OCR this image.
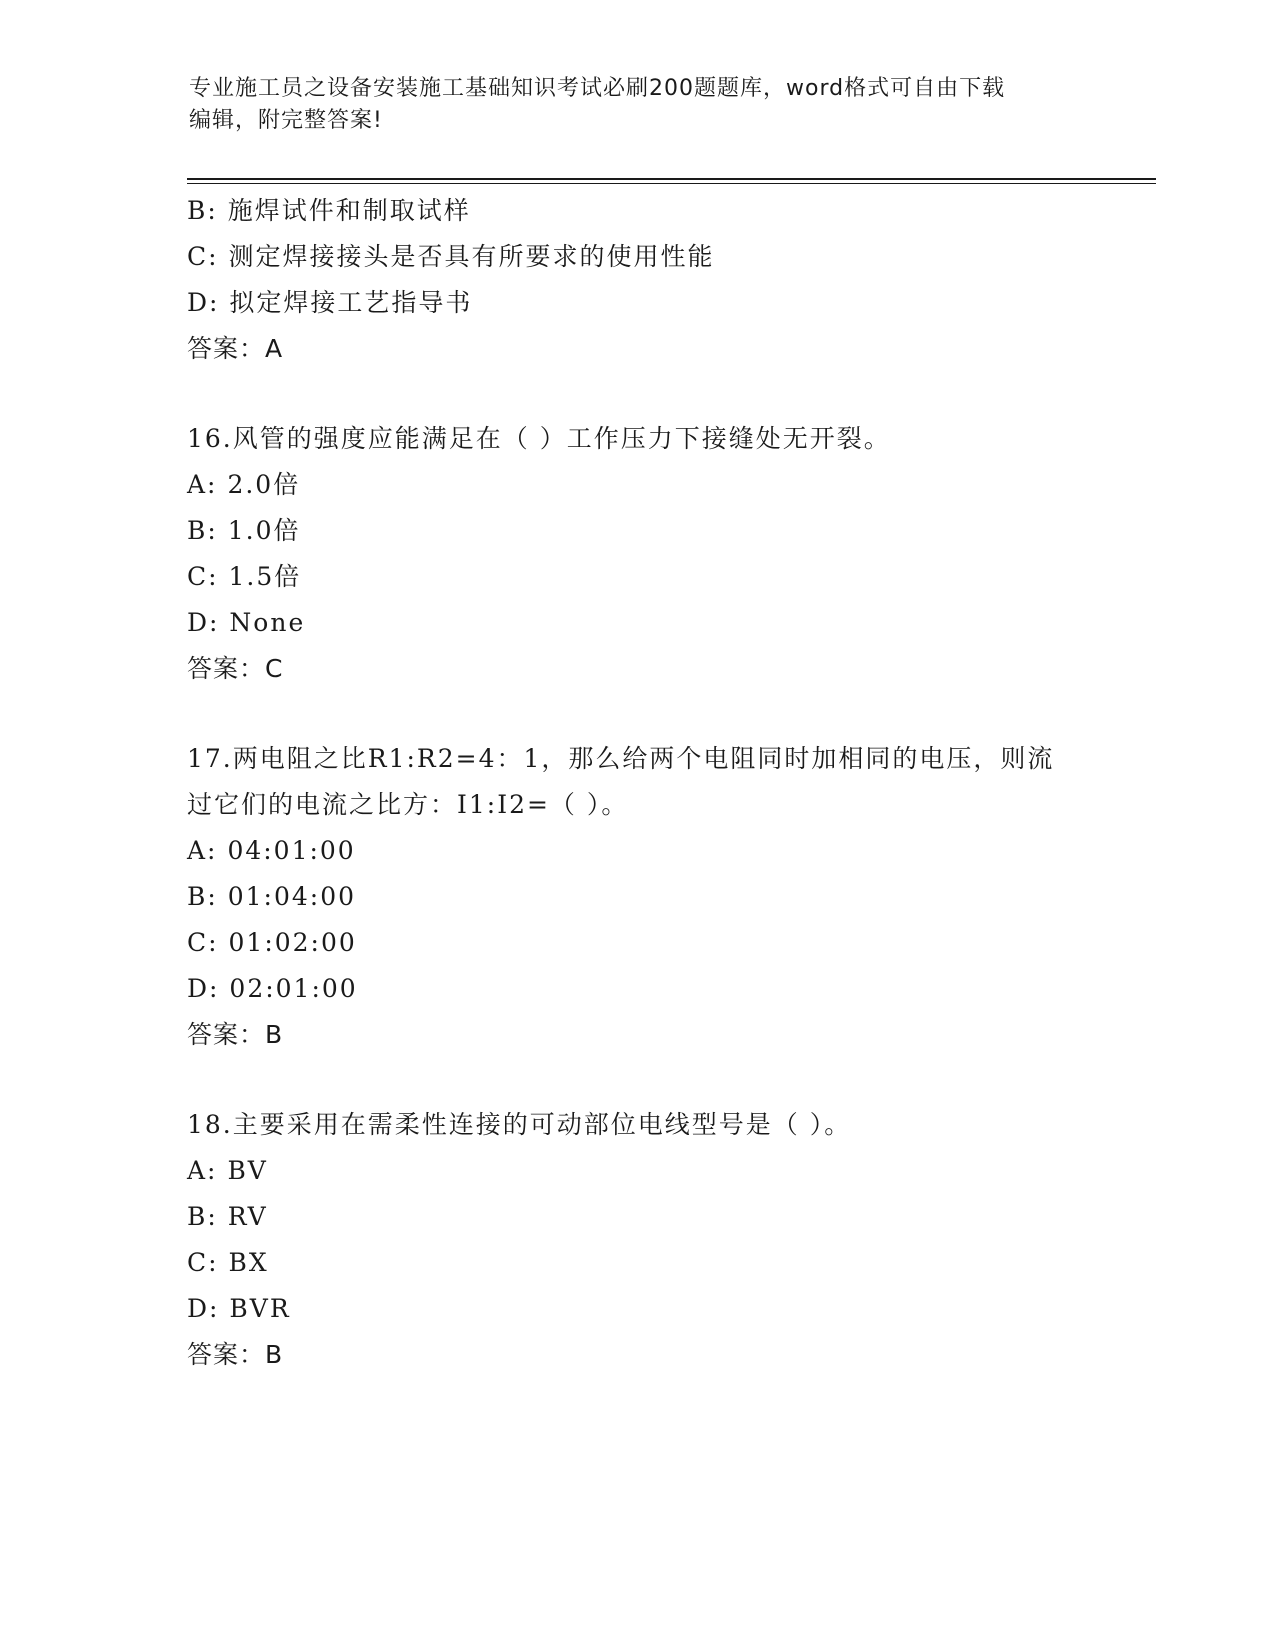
专业施工员之设备安装施工基础知识考试必刷200题题库，word格式可自由下载
编辑，附完整答案!
B: 施焊试件和制取试样
C: 测定焊接接头是否具有所要求的使用性能
D: 拟定焊接工艺指导书
答案：A
16.风管的强度应能满足在（ ）工作压力下接缝处无开裂。
A: 2.0倍
B: 1.0倍
C: 1.5倍
D: None
答案：C
17.两电阻之比R1:R2=4：1，那么给两个电阻同时加相同的电压，则流
过它们的电流之比方：I1:I2=（ ）。
A: 04:01:00
B: 01:04:00
C: 01:02:00
D: 02:01:00
答案：B
18.主要采用在需柔性连接的可动部位电线型号是（ ）。
A: BV
B: RV
C: BX
D: BVR
答案：B
